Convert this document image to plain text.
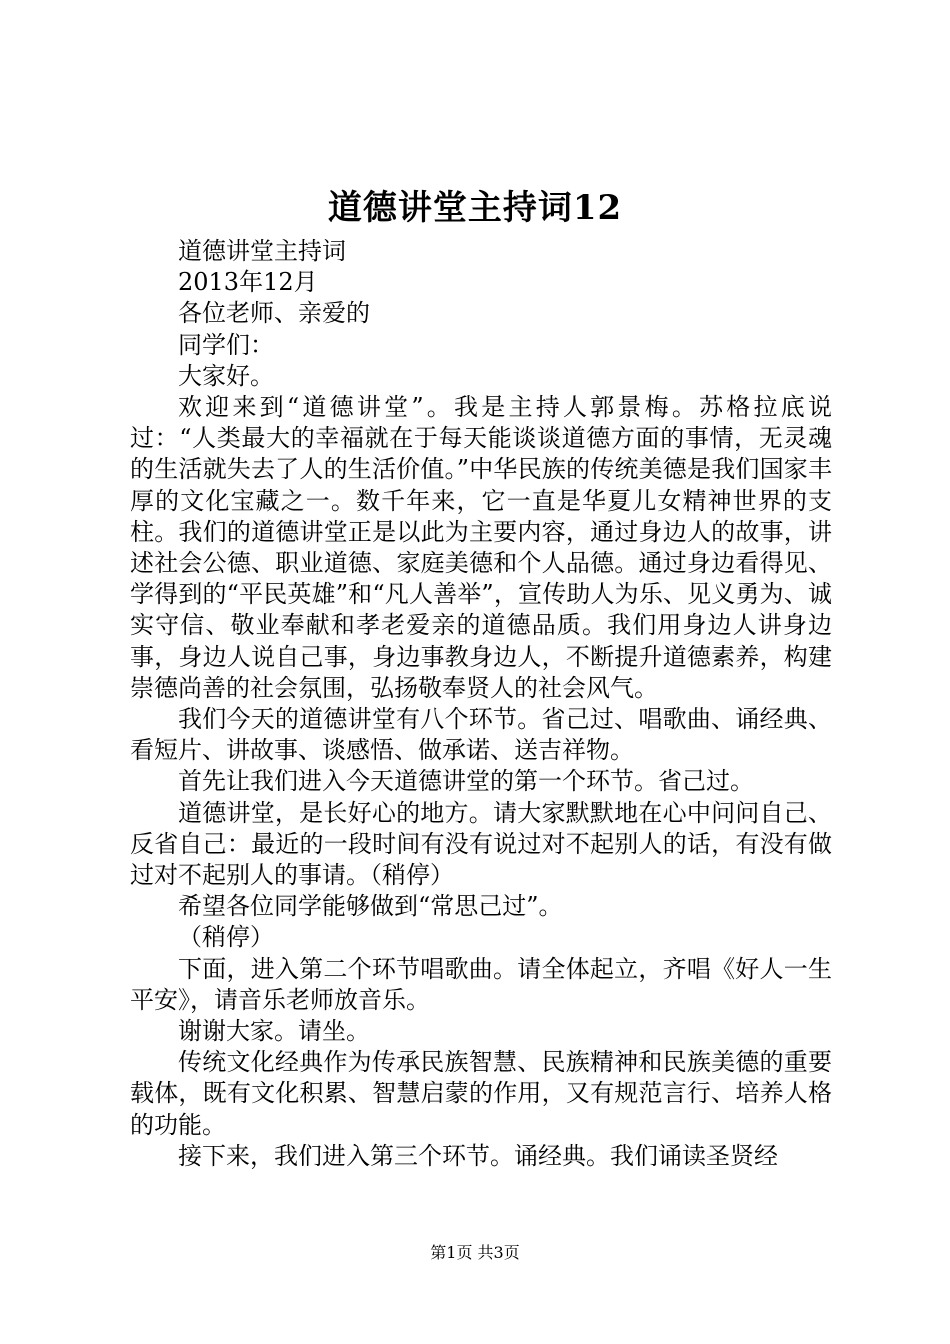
道德讲堂主持词12

道德讲堂主持词

2013年12月

各位老师、亲爱的

同学们：

大家好。

欢迎来到“道德讲堂”。我是主持人郭景梅。苏格拉底说过：“人类最大的幸福就在于每天能谈谈道德方面的事情，无灵魂的生活就失去了人的生活价值。”中华民族的传统美德是我们国家丰厚的文化宝藏之一。数千年来，它一直是华夏儿女精神世界的支柱。我们的道德讲堂正是以此为主要内容，通过身边人的故事，讲述社会公德、职业道德、家庭美德和个人品德。通过身边看得见、学得到的“平民英雄”和“凡人善举”，宣传助人为乐、见义勇为、诚实守信、敬业奉献和孝老爱亲的道德品质。我们用身边人讲身边事，身边人说自己事，身边事教身边人，不断提升道德素养，构建崇德尚善的社会氛围，弘扬敬奉贤人的社会风气。

我们今天的道德讲堂有八个环节。省己过、唱歌曲、诵经典、看短片、讲故事、谈感悟、做承诺、送吉祥物。

首先让我们进入今天道德讲堂的第一个环节。省己过。

道德讲堂，是长好心的地方。请大家默默地在心中问问自己、反省自己：最近的一段时间有没有说过对不起别人的话，有没有做过对不起别人的事请。（稍停）

希望各位同学能够做到“常思己过”。

（稍停）

下面，进入第二个环节唱歌曲。请全体起立，齐唱《好人一生平安》，请音乐老师放音乐。

谢谢大家。请坐。

传统文化经典作为传承民族智慧、民族精神和民族美德的重要载体，既有文化积累、智慧启蒙的作用，又有规范言行、培养人格的功能。

接下来，我们进入第三个环节。诵经典。我们诵读圣贤经

第1页 共3页
